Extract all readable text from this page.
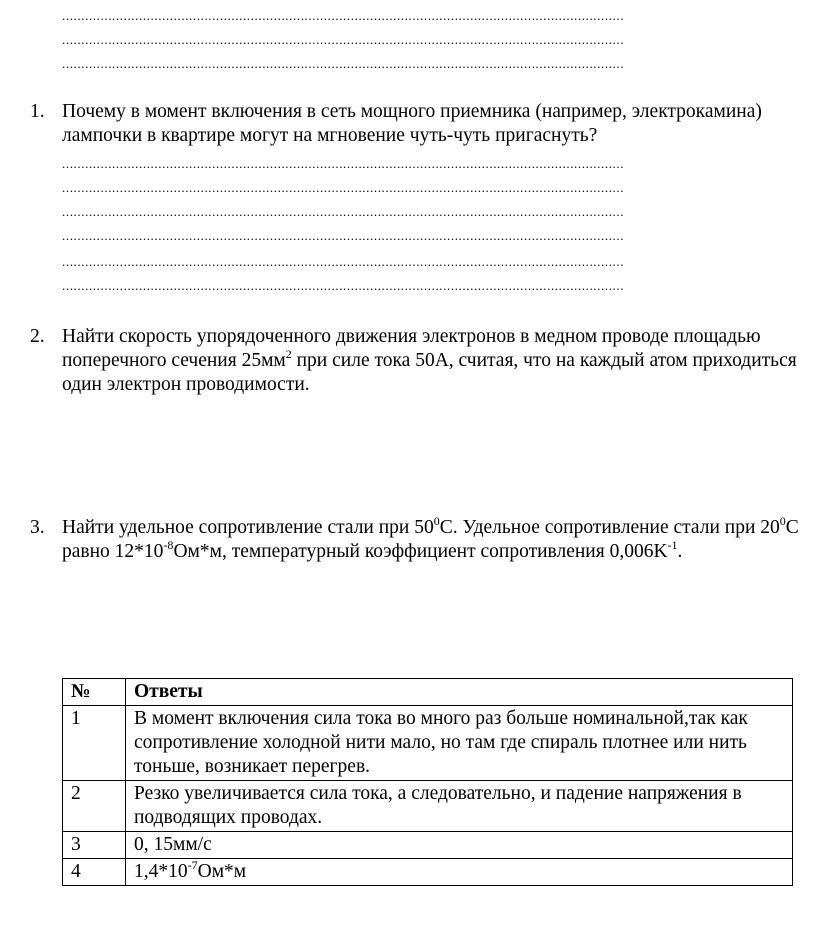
..................................................................................................................................................
..................................................................................................................................................
..................................................................................................................................................
1. Почему в момент включения в сеть мощного приемника (например, электрокамина) лампочки в квартире могут на мгновение чуть-чуть пригаснуть?
..................................................................................................................................................
..................................................................................................................................................
..................................................................................................................................................
..................................................................................................................................................
..................................................................................................................................................
..................................................................................................................................................
2. Найти скорость упорядоченного движения электронов в медном проводе площадью поперечного сечения $25мм^2$ при силе тока 50А, считая, что на каждый атом приходиться один электрон проводимости.
3. Найти удельное сопротивление стали при $50^0С$. Удельное сопротивление стали при $20^0С$ равно $12*10^{-8}Ом*м$, температурный коэффициент сопротивления $0,006K^{-1}$.
№	Ответы
1	В момент включения сила тока во много раз больше номинальной,так как сопротивление холодной нити мало, но там где спираль плотнее или нить тоньше, возникает перегрев.
2	Резко увеличивается сила тока, а следовательно, и падение напряжения в подводящих проводах.
3	0, 15мм/с
4	$1,4*10^{-7}Ом*м$
